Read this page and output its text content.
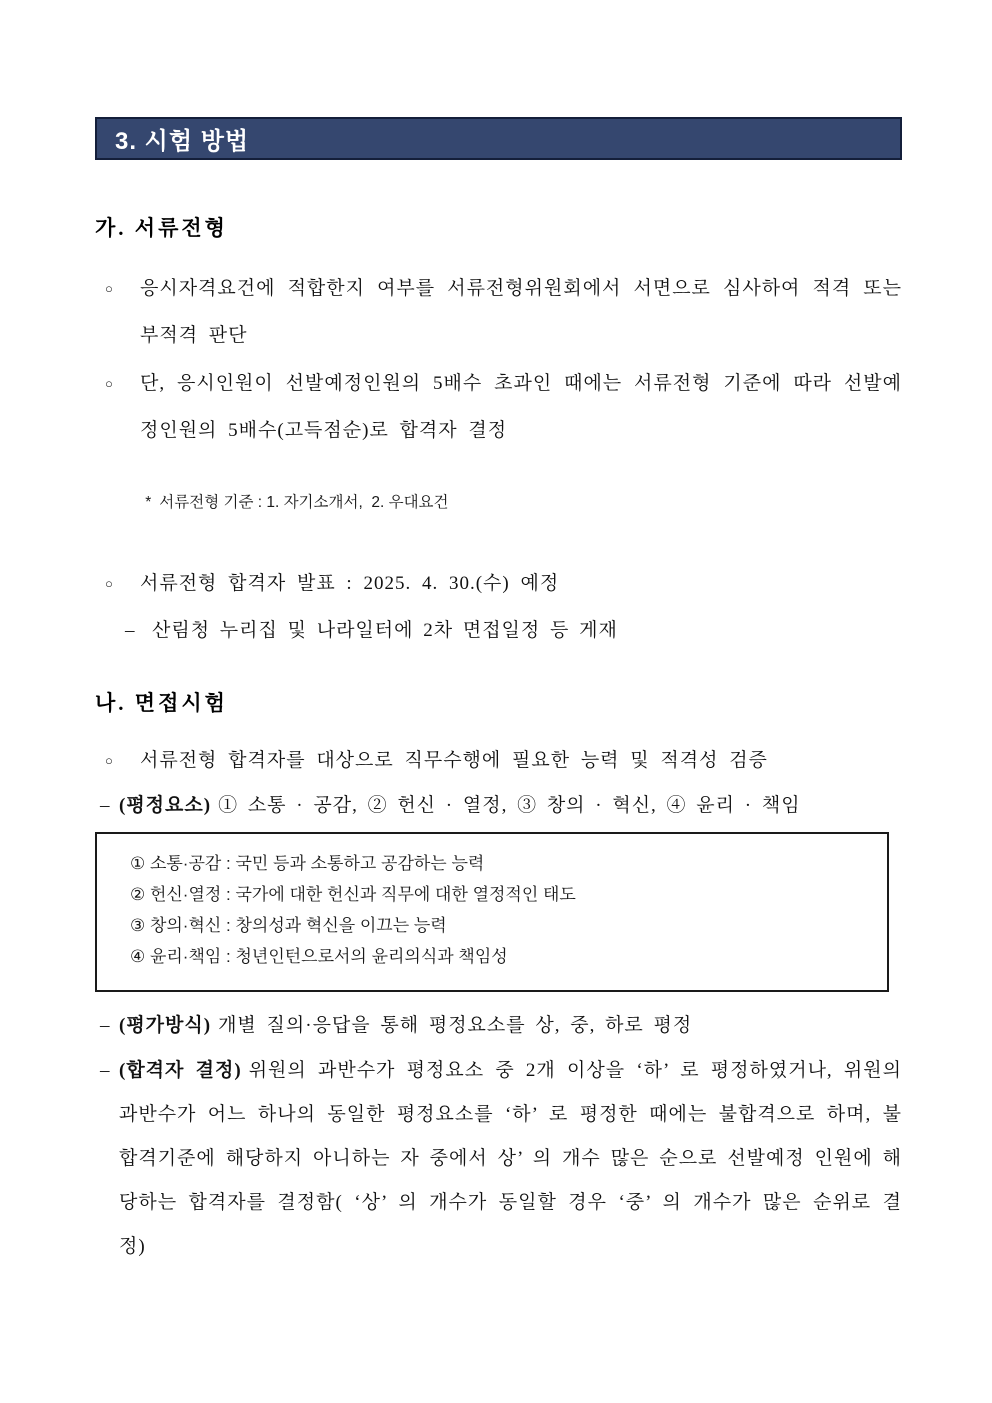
3. 시험 방법
가. 서류전형
○ 응시자격요건에 적합한지 여부를 서류전형위원회에서 서면으로 심사하여 적격 또는 부적격 판단
○ 단, 응시인원이 선발예정인원의 5배수 초과인 때에는 서류전형 기준에 따라 선발예정인원의 5배수(고득점순)로 합격자 결정

* 서류전형 기준 : 1. 자기소개서,  2. 우대요건

○ 서류전형 합격자 발표 : 2025. 4. 30.(수) 예정
– 산림청 누리집 및 나라일터에 2차 면접일정 등 게재
나. 면접시험
○ 서류전형 합격자를 대상으로 직무수행에 필요한 능력 및 적격성 검증
– (평정요소) ① 소통 · 공감, ② 헌신 · 열정, ③ 창의 · 혁신, ④ 윤리 · 책임
① 소통·공감 : 국민 등과 소통하고 공감하는 능력
② 헌신·열정 : 국가에 대한 헌신과 직무에 대한 열정적인 태도
③ 창의·혁신 : 창의성과 혁신을 이끄는 능력
④ 윤리·책임 : 청년인턴으로서의 윤리의식과 책임성
– (평가방식) 개별 질의·응답을 통해 평정요소를 상, 중, 하로 평정
– (합격자 결정) 위원의 과반수가 평정요소 중 2개 이상을 ‘하’ 로 평정하였거나, 위원의 과반수가 어느 하나의 동일한 평정요소를 ‘하’ 로 평정한 때에는 불합격으로 하며, 불합격기준에 해당하지 아니하는 자 중에서 상’ 의 개수 많은 순으로 선발예정 인원에 해당하는 합격자를 결정함( ‘상’ 의 개수가 동일할 경우 ‘중’ 의 개수가 많은 순위로 결정)
